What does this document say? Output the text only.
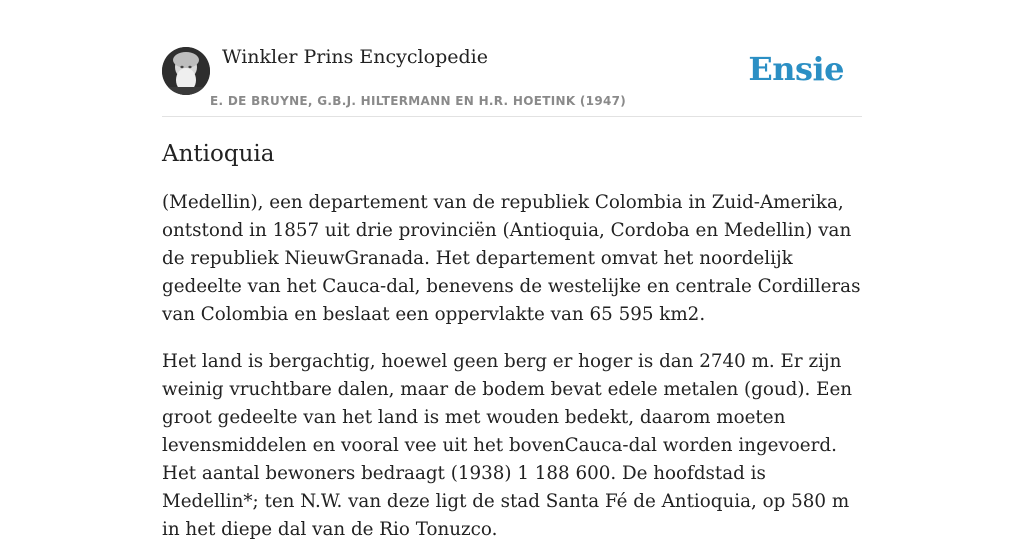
Winkler Prins Encyclopedie
E. DE BRUYNE, G.B.J. HILTERMANN EN H.R. HOETINK (1947)
Ensie
Antioquia

(Medellin), een departement van de republiek Colombia in Zuid-Amerika, ontstond in 1857 uit drie provinciën (Antioquia, Cordoba en Medellin) van de republiek NieuwGranada. Het departement omvat het noordelijk gedeelte van het Cauca-dal, benevens de westelijke en centrale Cordilleras van Colombia en beslaat een oppervlakte van 65 595 km2.

Het land is bergachtig, hoewel geen berg er hoger is dan 2740 m. Er zijn weinig vruchtbare dalen, maar de bodem bevat edele metalen (goud). Een groot gedeelte van het land is met wouden bedekt, daarom moeten levensmiddelen en vooral vee uit het bovenCauca-dal worden ingevoerd. Het aantal bewoners bedraagt (1938) 1 188 600. De hoofdstad is Medellin*; ten N.W. van deze ligt de stad Santa Fé de Antioquia, op 580 m in het diepe dal van de Rio Tonuzco.
